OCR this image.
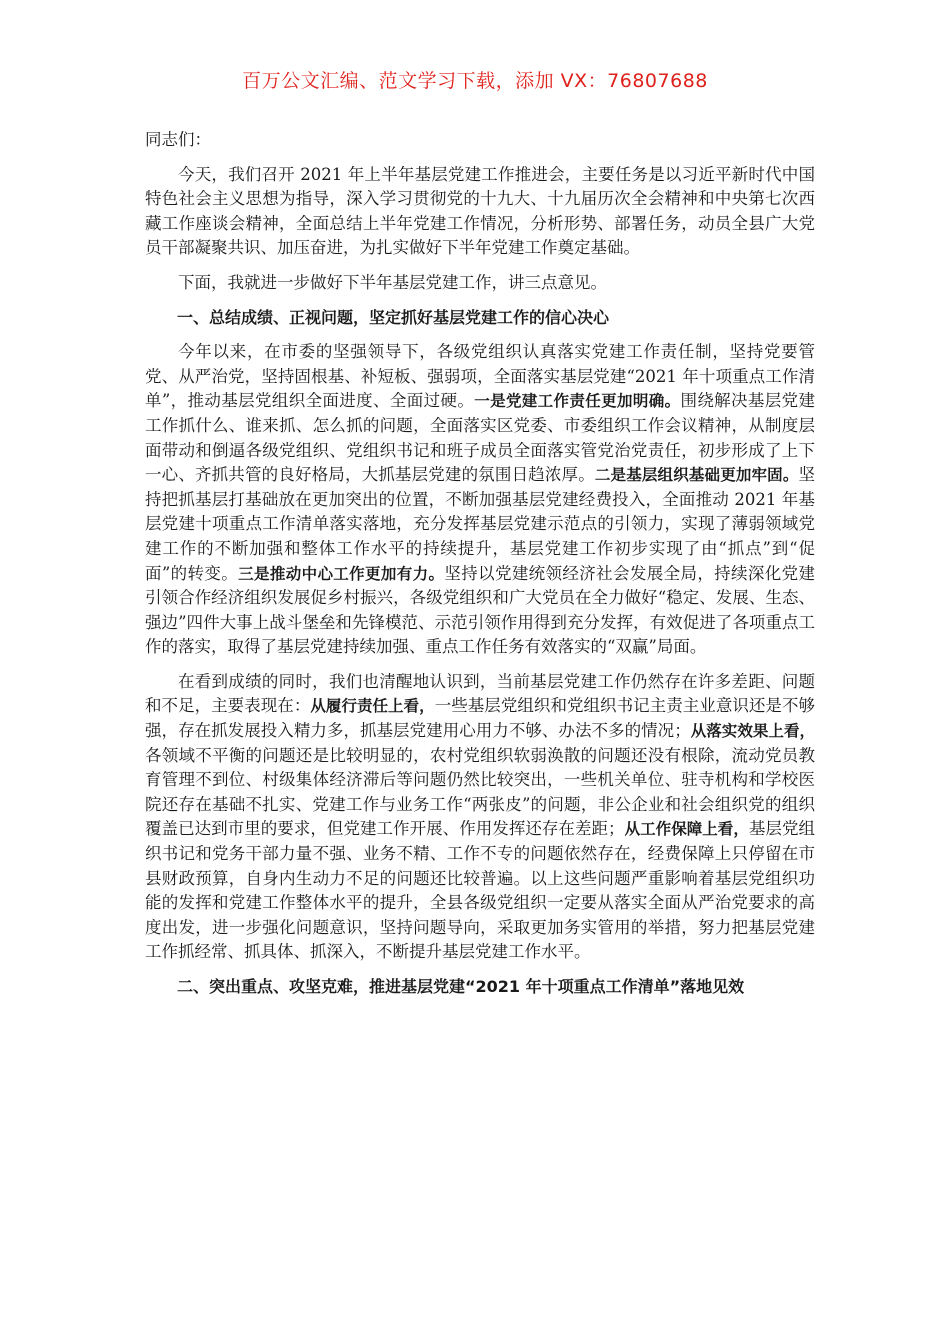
百万公文汇编、范文学习下载，添加 VX：76807688

同志们：

今天，我们召开 2021 年上半年基层党建工作推进会，主要任务是以习近平新时代中国特色社会主义思想为指导，深入学习贯彻党的十九大、十九届历次全会精神和中央第七次西藏工作座谈会精神，全面总结上半年党建工作情况，分析形势、部署任务，动员全县广大党员干部凝聚共识、加压奋进，为扎实做好下半年党建工作奠定基础。

下面，我就进一步做好下半年基层党建工作，讲三点意见。

一、总结成绩、正视问题，坚定抓好基层党建工作的信心决心

今年以来，在市委的坚强领导下，各级党组织认真落实党建工作责任制，坚持党要管党、从严治党，坚持固根基、补短板、强弱项，全面落实基层党建“2021 年十项重点工作清单”，推动基层党组织全面进度、全面过硬。一是党建工作责任更加明确。围绕解决基层党建工作抓什么、谁来抓、怎么抓的问题，全面落实区党委、市委组织工作会议精神，从制度层面带动和倒逼各级党组织、党组织书记和班子成员全面落实管党治党责任，初步形成了上下一心、齐抓共管的良好格局，大抓基层党建的氛围日趋浓厚。二是基层组织基础更加牢固。坚持把抓基层打基础放在更加突出的位置，不断加强基层党建经费投入，全面推动 2021 年基层党建十项重点工作清单落实落地，充分发挥基层党建示范点的引领力，实现了薄弱领域党建工作的不断加强和整体工作水平的持续提升，基层党建工作初步实现了由“抓点”到“促面”的转变。三是推动中心工作更加有力。坚持以党建统领经济社会发展全局，持续深化党建引领合作经济组织发展促乡村振兴，各级党组织和广大党员在全力做好“稳定、发展、生态、强边”四件大事上战斗堡垒和先锋模范、示范引领作用得到充分发挥，有效促进了各项重点工作的落实，取得了基层党建持续加强、重点工作任务有效落实的“双赢”局面。

在看到成绩的同时，我们也清醒地认识到，当前基层党建工作仍然存在许多差距、问题和不足，主要表现在：从履行责任上看，一些基层党组织和党组织书记主责主业意识还是不够强，存在抓发展投入精力多，抓基层党建用心用力不够、办法不多的情况；从落实效果上看，各领域不平衡的问题还是比较明显的，农村党组织软弱涣散的问题还没有根除，流动党员教育管理不到位、村级集体经济滞后等问题仍然比较突出，一些机关单位、驻寺机构和学校医院还存在基础不扎实、党建工作与业务工作“两张皮”的问题，非公企业和社会组织党的组织覆盖已达到市里的要求，但党建工作开展、作用发挥还存在差距；从工作保障上看，基层党组织书记和党务干部力量不强、业务不精、工作不专的问题依然存在，经费保障上只停留在市县财政预算，自身内生动力不足的问题还比较普遍。以上这些问题严重影响着基层党组织功能的发挥和党建工作整体水平的提升，全县各级党组织一定要从落实全面从严治党要求的高度出发，进一步强化问题意识，坚持问题导向，采取更加务实管用的举措，努力把基层党建工作抓经常、抓具体、抓深入，不断提升基层党建工作水平。

二、突出重点、攻坚克难，推进基层党建“2021 年十项重点工作清单”落地见效
